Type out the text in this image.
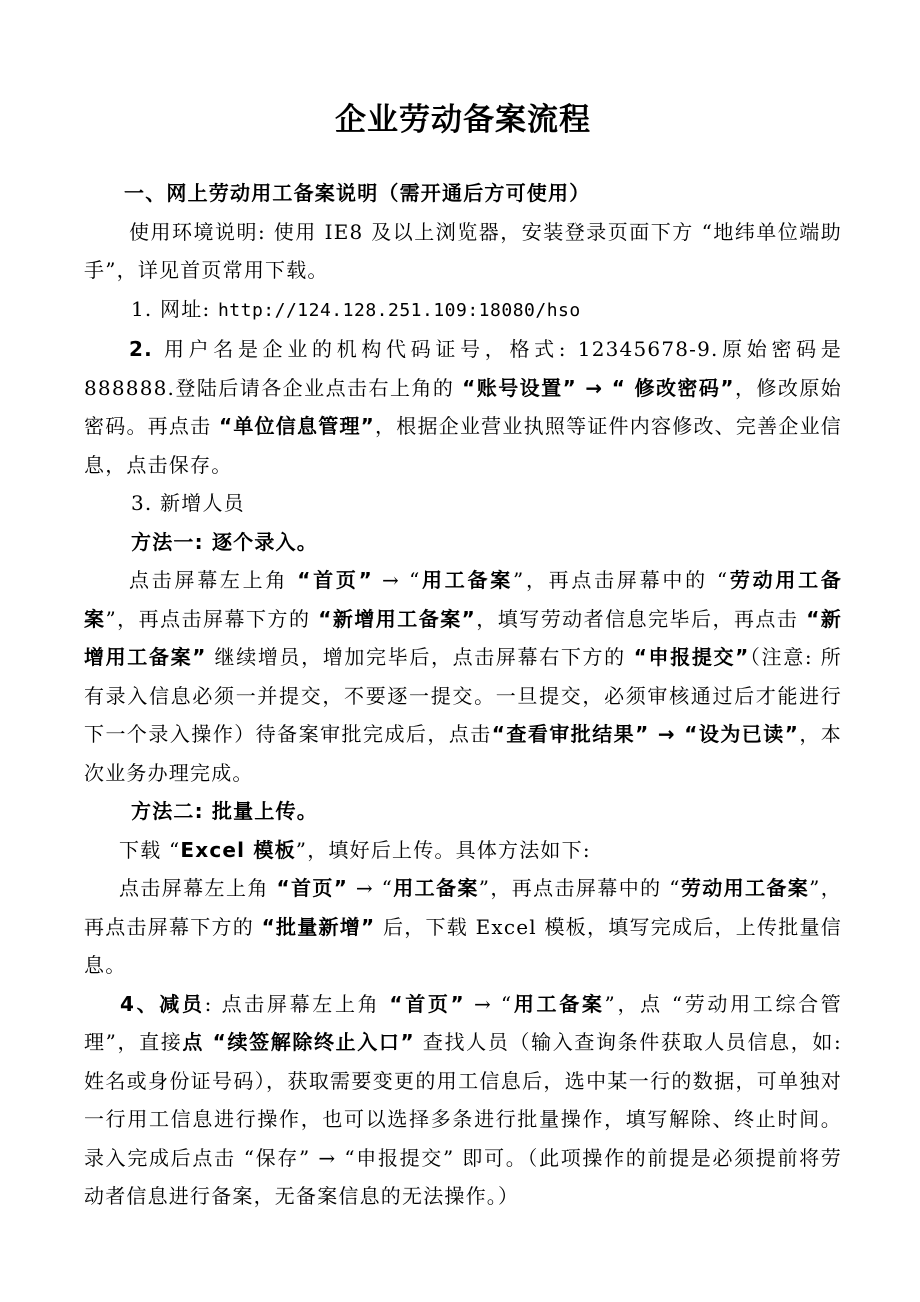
企业劳动备案流程
一、网上劳动用工备案说明（需开通后方可使用）

使用环境说明: 使用 IE8 及以上浏览器，安装登录页面下方 “地纬单位端助手”，详见首页常用下载。

1. 网址: http://124.128.251.109:18080/hso

2. 用户名是企业的机构代码证号，格式: 12345678-9.原始密码是 888888.登陆后请各企业点击右上角的 “账号设置” → “ 修改密码”，修改原始密码。再点击 “单位信息管理”，根据企业营业执照等证件内容修改、完善企业信息，点击保存。

3. 新增人员

方法一: 逐个录入。

点击屏幕左上角 “首页” → “用工备案”，再点击屏幕中的 “劳动用工备案”，再点击屏幕下方的 “新增用工备案”，填写劳动者信息完毕后，再点击 “新增用工备案” 继续增员，增加完毕后，点击屏幕右下方的 “申报提交”（注意: 所有录入信息必须一并提交，不要逐一提交。一旦提交，必须审核通过后才能进行下一个录入操作）待备案审批完成后，点击“查看审批结果” → “设为已读”，本次业务办理完成。

方法二: 批量上传。

下载 “Excel 模板”，填好后上传。具体方法如下:

点击屏幕左上角 “首页” → “用工备案”，再点击屏幕中的 “劳动用工备案”， 再点击屏幕下方的 “批量新增” 后，下载 Excel 模板，填写完成后，上传批量信息。

4、减员: 点击屏幕左上角 “首页” → “用工备案”，点 “劳动用工综合管理”，直接点 “续签解除终止入口” 查找人员（输入查询条件获取人员信息，如: 姓名或身份证号码），获取需要变更的用工信息后，选中某一行的数据，可单独对一行用工信息进行操作，也可以选择多条进行批量操作，填写解除、终止时间。录入完成后点击 “保存” → “申报提交” 即可。（此项操作的前提是必须提前将劳动者信息进行备案，无备案信息的无法操作。）
